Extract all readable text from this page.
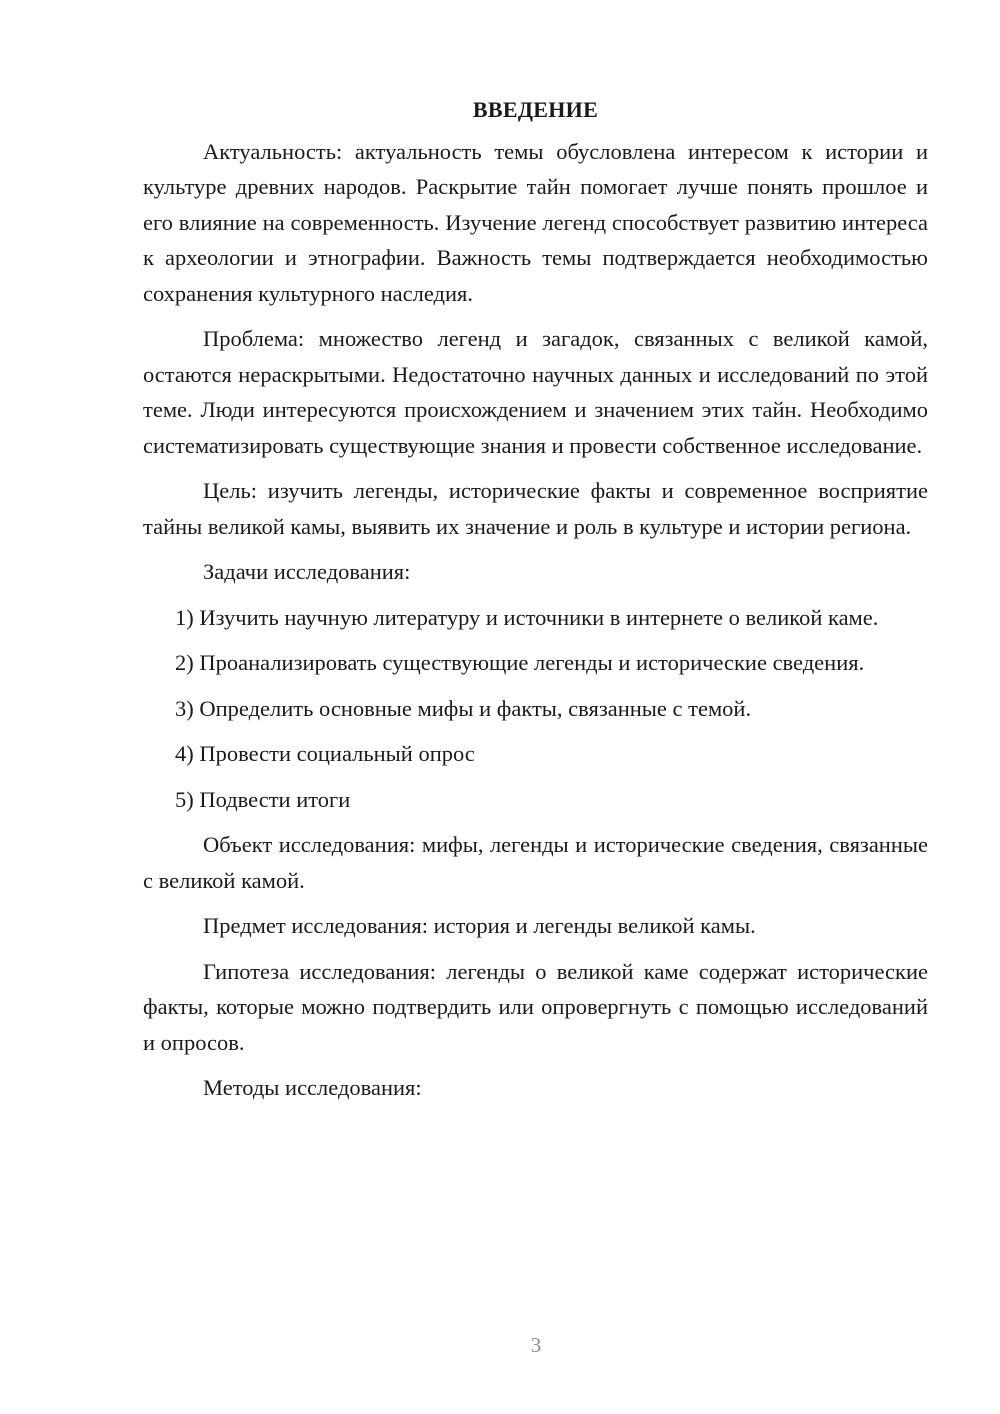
ВВЕДЕНИЕ

Актуальность: актуальность темы обусловлена интересом к истории и культуре древних народов. Раскрытие тайн помогает лучше понять прошлое и его влияние на современность. Изучение легенд способствует развитию интереса к археологии и этнографии. Важность темы подтверждается необходимостью сохранения культурного наследия.

Проблема: множество легенд и загадок, связанных с великой камой, остаются нераскрытыми. Недостаточно научных данных и исследований по этой теме. Люди интересуются происхождением и значением этих тайн. Необходимо систематизировать существующие знания и провести собственное исследование.

Цель: изучить легенды, исторические факты и современное восприятие тайны великой камы, выявить их значение и роль в культуре и истории региона.

Задачи исследования:

1) Изучить научную литературу и источники в интернете о великой каме.

2) Проанализировать существующие легенды и исторические сведения.

3) Определить основные мифы и факты, связанные с темой.

4) Провести социальный опрос

5) Подвести итоги

Объект исследования: мифы, легенды и исторические сведения, связанные с великой камой.

Предмет исследования: история и легенды великой камы.

Гипотеза исследования: легенды о великой каме содержат исторические факты, которые можно подтвердить или опровергнуть с помощью исследований и опросов.

Методы исследования:

3
